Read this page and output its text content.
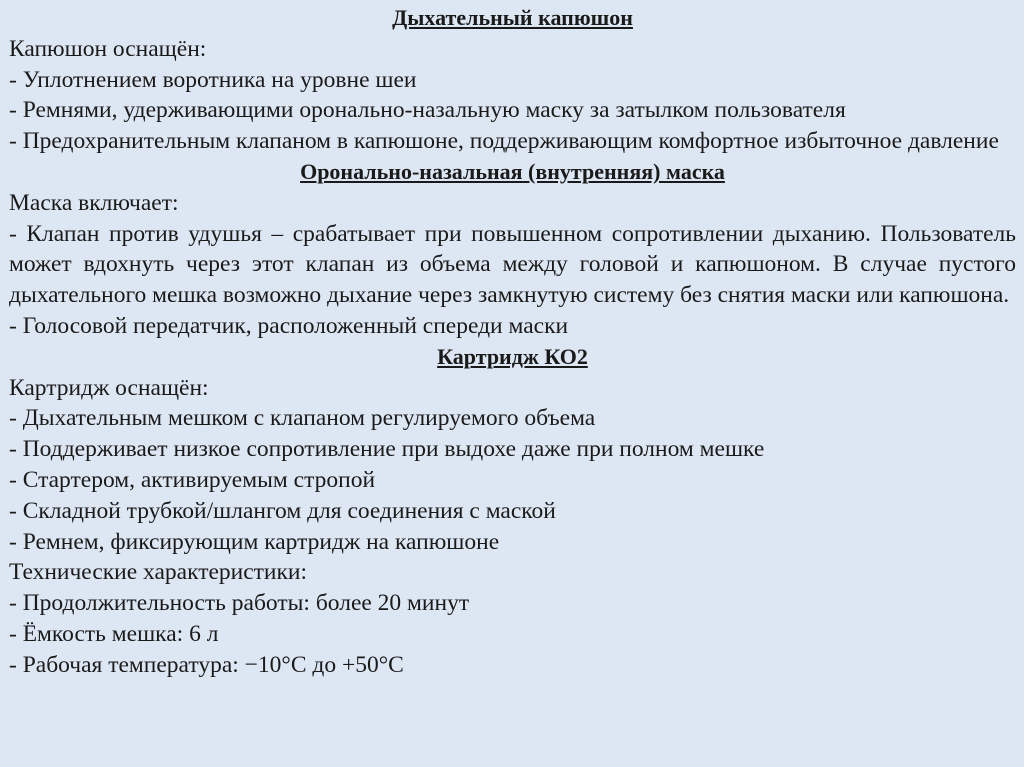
Дыхательный капюшон
Капюшон оснащён:
- Уплотнением воротника на уровне шеи
- Ремнями, удерживающими оронально-назальную маску за затылком пользователя
- Предохранительным клапаном в капюшоне, поддерживающим комфортное избыточное давление
Оронально-назальная (внутренняя) маска
Маска включает:
- Клапан против удушья – срабатывает при повышенном сопротивлении дыханию. Пользователь может вдохнуть через этот клапан из объема между головой и капюшоном. В случае пустого дыхательного мешка возможно дыхание через замкнутую систему без снятия маски или капюшона.
- Голосовой передатчик, расположенный спереди маски
Картридж КО2
Картридж оснащён:
- Дыхательным мешком с клапаном регулируемого объема
- Поддерживает низкое сопротивление при выдохе даже при полном мешке
- Стартером, активируемым стропой
- Складной трубкой/шлангом для соединения с маской
- Ремнем, фиксирующим картридж на капюшоне
Технические характеристики:
- Продолжительность работы: более 20 минут
- Ёмкость мешка: 6 л
- Рабочая температура: −10°C до +50°C
